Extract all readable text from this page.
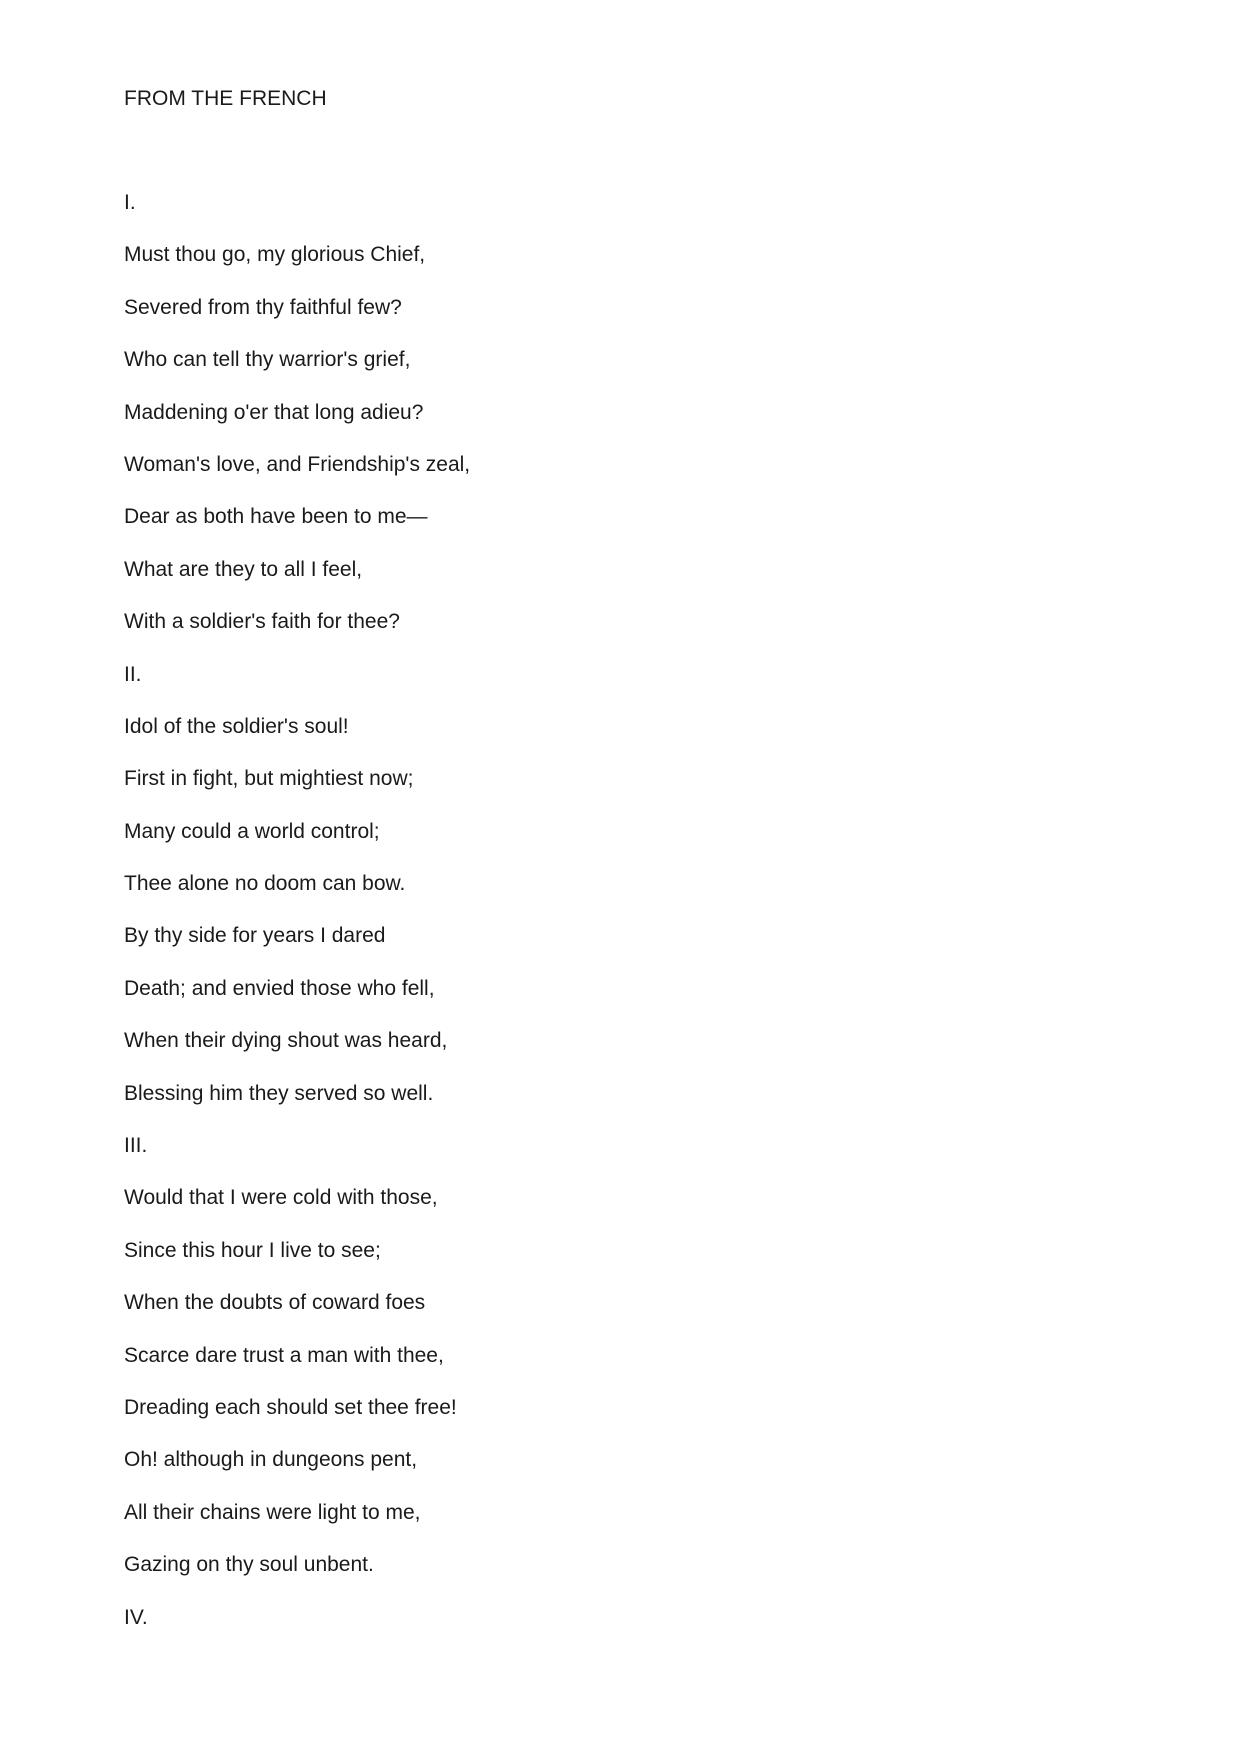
FROM THE FRENCH
I.
Must thou go, my glorious Chief,
Severed from thy faithful few?
Who can tell thy warrior's grief,
Maddening o'er that long adieu?
Woman's love, and Friendship's zeal,
Dear as both have been to me—
What are they to all I feel,
With a soldier's faith for thee?
II.
Idol of the soldier's soul!
First in fight, but mightiest now;
Many could a world control;
Thee alone no doom can bow.
By thy side for years I dared
Death; and envied those who fell,
When their dying shout was heard,
Blessing him they served so well.
III.
Would that I were cold with those,
Since this hour I live to see;
When the doubts of coward foes
Scarce dare trust a man with thee,
Dreading each should set thee free!
Oh! although in dungeons pent,
All their chains were light to me,
Gazing on thy soul unbent.
IV.
